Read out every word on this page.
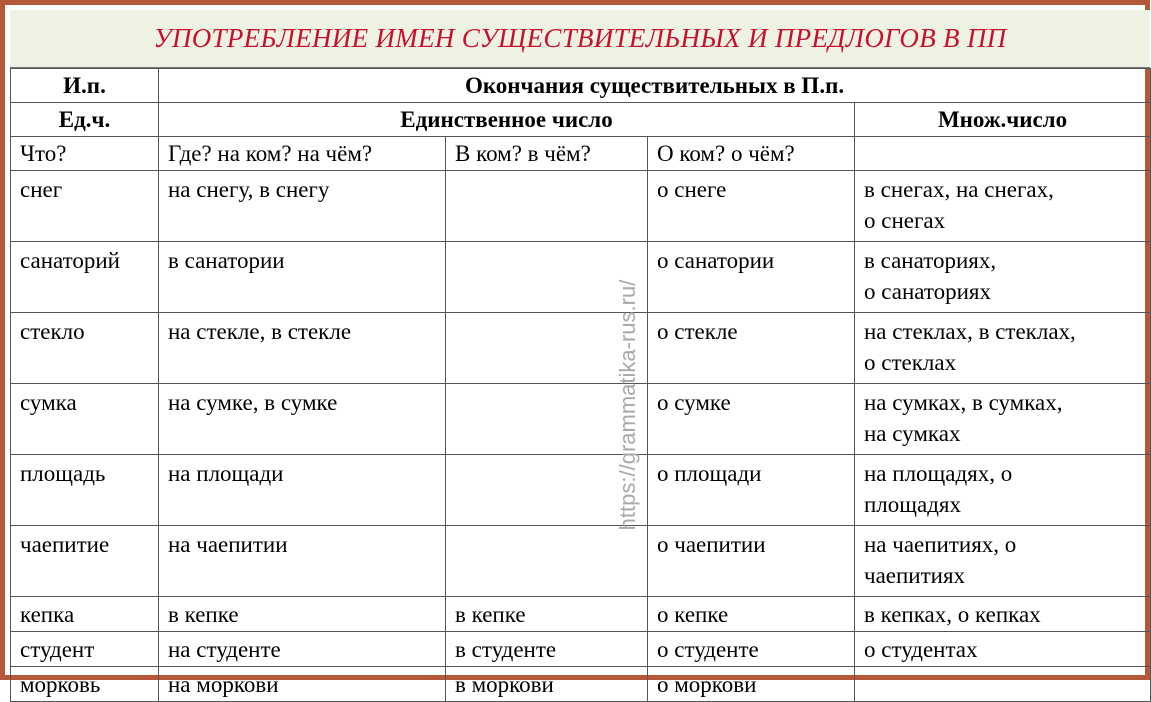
УПОТРЕБЛЕНИЕ ИМЕН СУЩЕСТВИТЕЛЬНЫХ И ПРЕДЛОГОВ В ПП
И.п.	Окончания существительных в П.п.			
Ед.ч.	Единственное число			Множ.число
Что?	Где? на ком? на чём?	В ком? в чём?	О ком? о чём?	
снег	на снегу, в снегу		о снеге	в снегах, на снегах,
о снегах
санаторий	в санатории		о санатории	в санаториях,
о санаториях
стекло	на стекле, в стекле		о стекле	на стеклах, в стеклах,
о стеклах
сумка	на сумке, в сумке		о сумке	на сумках, в сумках,
на сумках
площадь	на площади		о площади	на площадях, о
площадях
чаепитие	на чаепитии		о чаепитии	на чаепитиях, о
чаепитиях
кепка	в кепке	в кепке	о кепке	в кепках, о кепках
студент	на студенте	в студенте	о студенте	о студентах
морковь	на моркови	в моркови	о моркови	
https://grammatika-rus.ru/
